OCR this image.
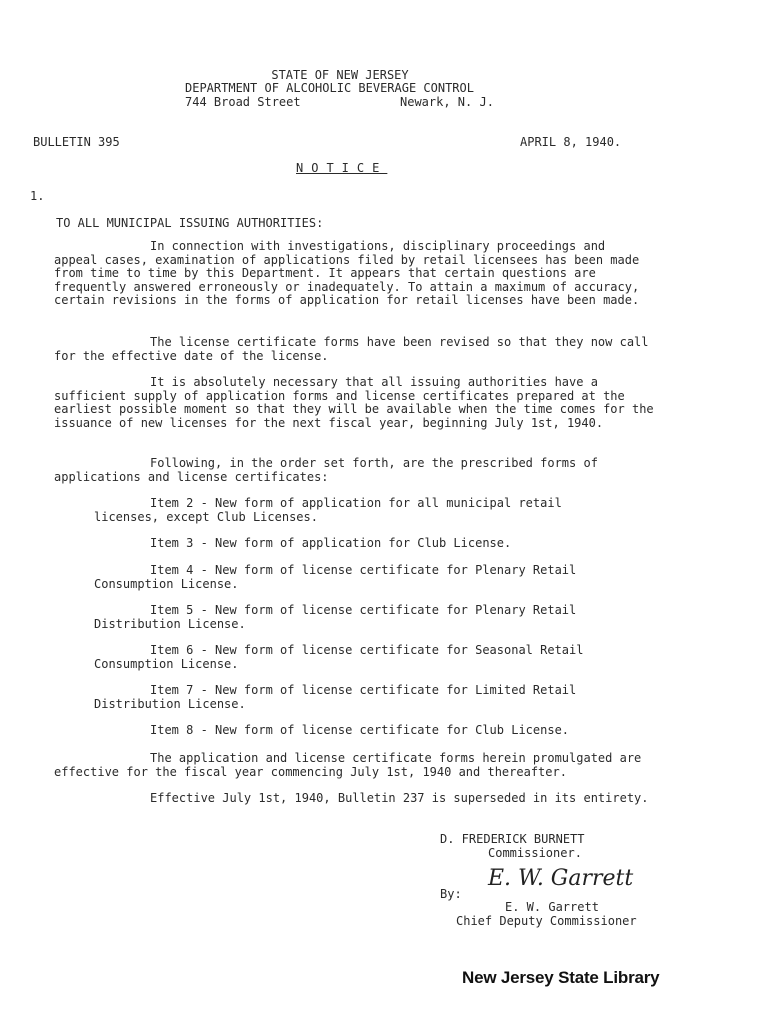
STATE OF NEW JERSEY
DEPARTMENT OF ALCOHOLIC BEVERAGE CONTROL
744 Broad Street	Newark, N. J.
BULLETIN 395	APRIL 8, 1940.
NOTICE
1.
TO ALL MUNICIPAL ISSUING AUTHORITIES:
In connection with investigations, disciplinary proceedings and appeal cases, examination of applications filed by retail licensees has been made from time to time by this Department. It appears that certain questions are frequently answered erroneously or inadequately. To attain a maximum of accuracy, certain revisions in the forms of application for retail licenses have been made.
The license certificate forms have been revised so that they now call for the effective date of the license.
It is absolutely necessary that all issuing authorities have a sufficient supply of application forms and license certificates prepared at the earliest possible moment so that they will be available when the time comes for the issuance of new licenses for the next fiscal year, beginning July 1st, 1940.
Following, in the order set forth, are the prescribed forms of applications and license certificates:
Item 2 - New form of application for all municipal retail licenses, except Club Licenses.
Item 3 - New form of application for Club License.
Item 4 - New form of license certificate for Plenary Retail Consumption License.
Item 5 - New form of license certificate for Plenary Retail Distribution License.
Item 6 - New form of license certificate for Seasonal Retail Consumption License.
Item 7 - New form of license certificate for Limited Retail Distribution License.
Item 8 - New form of license certificate for Club License.
The application and license certificate forms herein promulgated are effective for the fiscal year commencing July 1st, 1940 and thereafter.
Effective July 1st, 1940, Bulletin 237 is superseded in its entirety.
D. FREDERICK BURNETT
Commissioner.
By:
E. W. Garrett
E. W. Garrett
Chief Deputy Commissioner
New Jersey State Library
